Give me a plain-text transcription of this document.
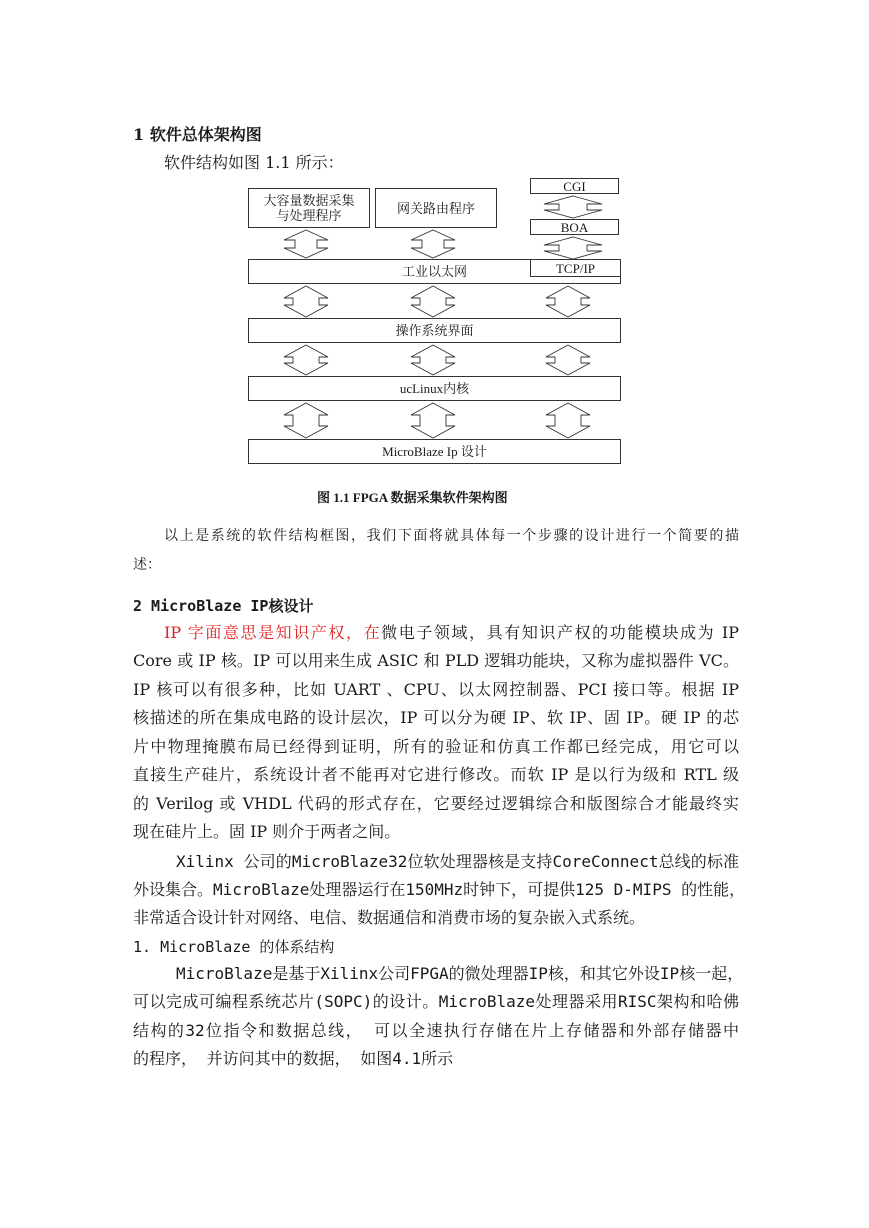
1 软件总体架构图
软件结构如图 1.1 所示：
大容量数据采集
与处理程序	网关路由程序
CGI
BOA
工业以太网	TCP/IP
操作系统界面
ucLinux内核
MicroBlaze Ip 设计
图 1.1 FPGA 数据采集软件架构图
以上是系统的软件结构框图，我们下面将就具体每一个步骤的设计进行一个简要的描
述：
2 MicroBlaze IP核设计
IP 字面意思是知识产权，在微电子领域，具有知识产权的功能模块成为 IP
Core 或 IP 核。IP 可以用来生成 ASIC 和 PLD 逻辑功能块，又称为虚拟器件 VC。
IP 核可以有很多种，比如 UART 、CPU、以太网控制器、PCI 接口等。根据 IP
核描述的所在集成电路的设计层次，IP 可以分为硬 IP、软 IP、固 IP。硬 IP 的芯
片中物理掩膜布局已经得到证明，所有的验证和仿真工作都已经完成，用它可以
直接生产硅片，系统设计者不能再对它进行修改。而软 IP 是以行为级和 RTL 级
的 Verilog 或 VHDL 代码的形式存在，它要经过逻辑综合和版图综合才能最终实
现在硅片上。固 IP 则介于两者之间。
Xilinx 公司的MicroBlaze32位软处理器核是支持CoreConnect总线的标准
外设集合。MicroBlaze处理器运行在150MHz时钟下，可提供125 D-MIPS 的性能，
非常适合设计针对网络、电信、数据通信和消费市场的复杂嵌入式系统。
1. MicroBlaze 的体系结构
MicroBlaze是基于Xilinx公司FPGA的微处理器IP核，和其它外设IP核一起，
可以完成可编程系统芯片(SOPC)的设计。MicroBlaze处理器采用RISC架构和哈佛
结构的32位指令和数据总线， 可以全速执行存储在片上存储器和外部存储器中
的程序， 并访问其中的数据， 如图4.1所示
